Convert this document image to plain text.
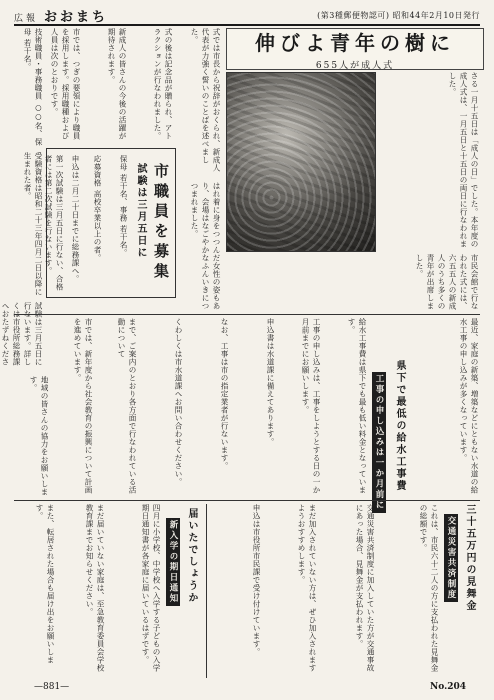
広報 おおまち	(第3種郵便物認可) 昭和44年2月10日発行
伸びよ青年の樹に
655人が成人式
さる一月十五日は「成人の日」でした。本年度の成人式は、一月五日と十五日の両日に行なわれました。
市民会館で行なわれた式には、六五五人の新成人のうち多くの青年が出席しました。
式では市長から祝辞がおくられ、新成人代表が力強く誓いのことばを述べました。
はれ着に身をつつんだ女性の姿もあり、会場はなごやかなふんいきにつつまれました。
式の後は記念品が贈られ、アトラクションが行なわれました。
新成人の皆さんの今後の活躍が期待されます。
市では、つぎの要領により職員を採用します。採用職種および人員は次のとおりです。
技術職員・事務職員 ○○名、保母 若干名。
受験資格は昭和二十三年四月二日以降に生まれた者。
試験は三月五日に行ないます。詳しくは市役所総務課へおたずねくださ
市職員を募集
試験は三月五日に
保母 若干名、事務 若干名。
応募資格 高校卒業以上の者。
申込は二月二十日までに総務課へ。
第一次試験は三月五日に行ない、合格者には第二次試験を行ないます。
県下で最低の給水工事費
工事の申し込みは一か月前に	最近、家庭の新築、増築などにともない水道の給水工事の申し込みが多くなっています。
給水工事費は県下でも最も低い料金となっています。
工事の申し込みは、工事をしようとする日の一か月前までにお願いします。
申込書は水道課に備えてあります。
なお、工事は市の指定業者が行ないます。
くわしくは市水道課へお問い合わせください。
まで、ご案内のとおり各方面で行なわれている活動について
市では、新年度から社会教育の振興について計画を進めています。
地域の皆さんの協力をお願いします。
三十五万円の見舞金
交通災害共済制度
これは、市民六十二人の方に支払われた見舞金の総額です。
交通災害共済制度に加入していた方が交通事故にあった場合、見舞金が支払われます。
まだ加入されていない方は、ぜひ加入されますようおすすめします。
申込は市役所市民課で受け付けています。
届いたでしょうか
新入学の期日通知
四月に小学校、中学校へ入学する子どもの入学期日通知書が各家庭に届いているはずです。
まだ届いていない家庭は、至急教育委員会学校教育課までお知らせください。
また、転居された場合も届け出をお願いします。
—881—	No.204
